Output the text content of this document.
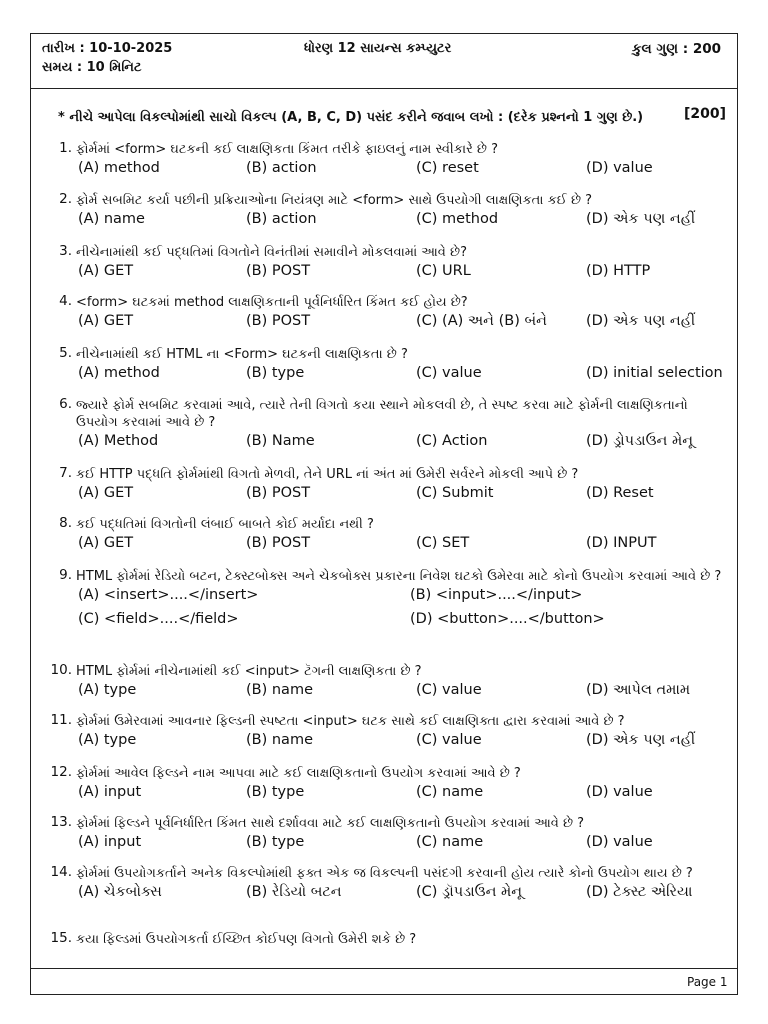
તારીખ : 10-10-2025	ધોરણ 12 સાયન્સ કમ્પ્યુટર	કુલ ગુણ : 200
સમય : 10 મિનિટ
* નીચે આપેલા વિકલ્પોમાંથી સાચો વિકલ્પ (A, B, C, D) પસંદ કરીને જવાબ લખો : (દરેક પ્રશ્નનો 1 ગુણ છે.)	[200]
1. ફોર્મમાં <form> ઘટકની કઈ લાક્ષણિકતા કિંમત તરીકે ફાઇલનું નામ સ્વીકારે છે ?
(A) method	(B) action	(C) reset	(D) value
2. ફોર્મ સબમિટ કર્યા પછીની પ્રક્રિયાઓના નિયંત્રણ માટે <form> સાથે ઉપયોગી લાક્ષણિકતા કઈ છે ?
(A) name	(B) action	(C) method	(D) એક પણ નહીં
3. નીચેનામાંથી કઈ પદ્ધતિમાં વિગતોને વિનંતીમાં સમાવીને મોકલવામાં આવે છે?
(A) GET	(B) POST	(C) URL	(D) HTTP
4. <form> ઘટકમાં method લાક્ષણિકતાની પૂર્વનિર્ધારિત કિંમત કઈ હોય છે?
(A) GET	(B) POST	(C) (A) અને (B) બંને	(D) એક પણ નહીં
5. નીચેનામાંથી કઈ HTML ના <Form> ઘટકની લાક્ષણિકતા છે ?
(A) method	(B) type	(C) value	(D) initial selection
6. જ્યારે ફોર્મ સબમિટ કરવામાં આવે, ત્યારે તેની વિગતો કયા સ્થાને મોકલવી છે, તે સ્પષ્ટ કરવા માટે ફોર્મની લાક્ષણિકતાનો ઉપયોગ કરવામાં આવે છે ?
(A) Method	(B) Name	(C) Action	(D) ડ્રોપડાઉન મેનૂ
7. કઈ HTTP પદ્ધતિ ફોર્મમાંથી વિગતો મેળવી, તેને URL નાં અંત માં ઉમેરી સર્વરને મોકલી આપે છે ?
(A) GET	(B) POST	(C) Submit	(D) Reset
8. કઈ પદ્ધતિમાં વિગતોની લંબાઈ બાબતે કોઈ મર્યાદા નથી ?
(A) GET	(B) POST	(C) SET	(D) INPUT
9. HTML ફોર્મમાં રેડિયો બટન, ટેક્સ્ટબોક્સ અને ચેકબોક્સ પ્રકારના નિવેશ ઘટકો ઉમેરવા માટે કોનો ઉપયોગ કરવામાં આવે છે ?
(A) <insert>....</insert>	(B) <input>....</input>
(C) <field>....</field>	(D) <button>....</button>
10. HTML ફોર્મમાં નીચેનામાંથી કઈ <input> ટૅગની લાક્ષણિકતા છે ?
(A) type	(B) name	(C) value	(D) આપેલ તમામ
11. ફોર્મમાં ઉમેરવામાં આવનાર ફિલ્ડની સ્પષ્ટતા <input> ઘટક સાથે કઈ લાક્ષણિક્તા દ્વારા કરવામાં આવે છે ?
(A) type	(B) name	(C) value	(D) એક પણ નહીં
12. ફોર્મમાં આવેલ ફિલ્ડને નામ આપવા માટે કઈ લાક્ષણિકતાનો ઉપયોગ કરવામાં આવે છે ?
(A) input	(B) type	(C) name	(D) value
13. ફોર્મમાં ફિલ્ડને પૂર્વનિર્ધારિત કિંમત સાથે દર્શાવવા માટે કઈ લાક્ષણિકતાનો ઉપયોગ કરવામાં આવે છે ?
(A) input	(B) type	(C) name	(D) value
14. ફોર્મમાં ઉપયોગકર્તાને અનેક વિકલ્પોમાંથી ફક્ત એક જ વિકલ્પની પસંદગી કરવાની હોય ત્યારે કોનો ઉપયોગ થાય છે ?
(A) ચેકબોક્સ	(B) રેડિયો બટન	(C) ડ્રૉપડાઉન મેનૂ	(D) ટેક્સ્ટ એરિયા
15. કયા ફિલ્ડમાં ઉપયોગકર્તા ઈચ્છિત કોઈપણ વિગતો ઉમેરી શકે છે ?
Page 1
